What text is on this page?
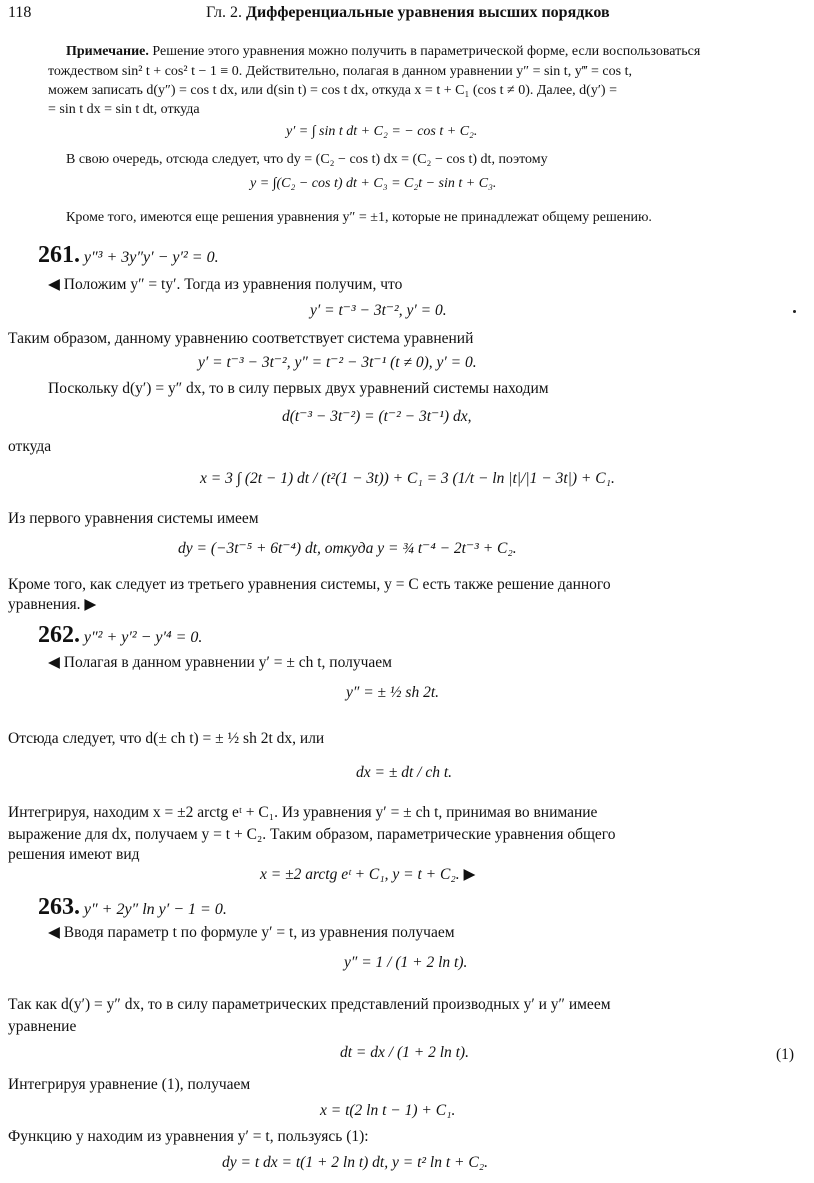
118	Гл. 2. Дифференциальные уравнения высших порядков
Примечание. Решение этого уравнения можно получить в параметрической форме, если воспользоваться
тождеством sin² t + cos² t − 1 ≡ 0. Действительно, полагая в данном уравнении y″ = sin t, y‴ = cos t,
можем записать d(y″) = cos t dx, или d(sin t) = cos t dx, откуда x = t + C₁ (cos t ≠ 0). Далее, d(y′) =
= sin t dx = sin t dt, откуда
y′ = ∫ sin t dt + C₂ = − cos t + C₂.
В свою очередь, отсюда следует, что dy = (C₂ − cos t) dx = (C₂ − cos t) dt, поэтому
y = ∫(C₂ − cos t) dt + C₃ = C₂t − sin t + C₃.
Кроме того, имеются еще решения уравнения y″ = ±1, которые не принадлежат общему решению.
261. y″³ + 3y″y′ − y′² = 0.
◀ Положим y″ = ty′. Тогда из уравнения получим, что
y′ = t⁻³ − 3t⁻², y′ = 0.
Таким образом, данному уравнению соответствует система уравнений
y′ = t⁻³ − 3t⁻², y″ = t⁻² − 3t⁻¹ (t ≠ 0), y′ = 0.
Поскольку d(y′) = y″ dx, то в силу первых двух уравнений системы находим
d(t⁻³ − 3t⁻²) = (t⁻² − 3t⁻¹) dx,
откуда
x = 3 ∫ (2t − 1) dt / (t²(1 − 3t)) + C₁ = 3 (1/t − ln |t|/|1 − 3t|) + C₁.
Из первого уравнения системы имеем
dy = (−3t⁻⁵ + 6t⁻⁴) dt, откуда y = ¾ t⁻⁴ − 2t⁻³ + C₂.
Кроме того, как следует из третьего уравнения системы, y = C есть также решение данного
уравнения. ▶
262. y″² + y′² − y′⁴ = 0.
◀ Полагая в данном уравнении y′ = ± ch t, получаем
y″ = ± ½ sh 2t.
Отсюда следует, что d(± ch t) = ± ½ sh 2t dx, или
dx = ± dt / ch t.
Интегрируя, находим x = ±2 arctg eᵗ + C₁. Из уравнения y′ = ± ch t, принимая во внимание
выражение для dx, получаем y = t + C₂. Таким образом, параметрические уравнения общего
решения имеют вид
x = ±2 arctg eᵗ + C₁, y = t + C₂. ▶
263. y″ + 2y″ ln y′ − 1 = 0.
◀ Вводя параметр t по формуле y′ = t, из уравнения получаем
y″ = 1 / (1 + 2 ln t).
Так как d(y′) = y″ dx, то в силу параметрических представлений производных y′ и y″ имеем
уравнение
dt = dx / (1 + 2 ln t).	(1)
Интегрируя уравнение (1), получаем
x = t(2 ln t − 1) + C₁.
Функцию y находим из уравнения y′ = t, пользуясь (1):
dy = t dx = t(1 + 2 ln t) dt, y = t² ln t + C₂.
